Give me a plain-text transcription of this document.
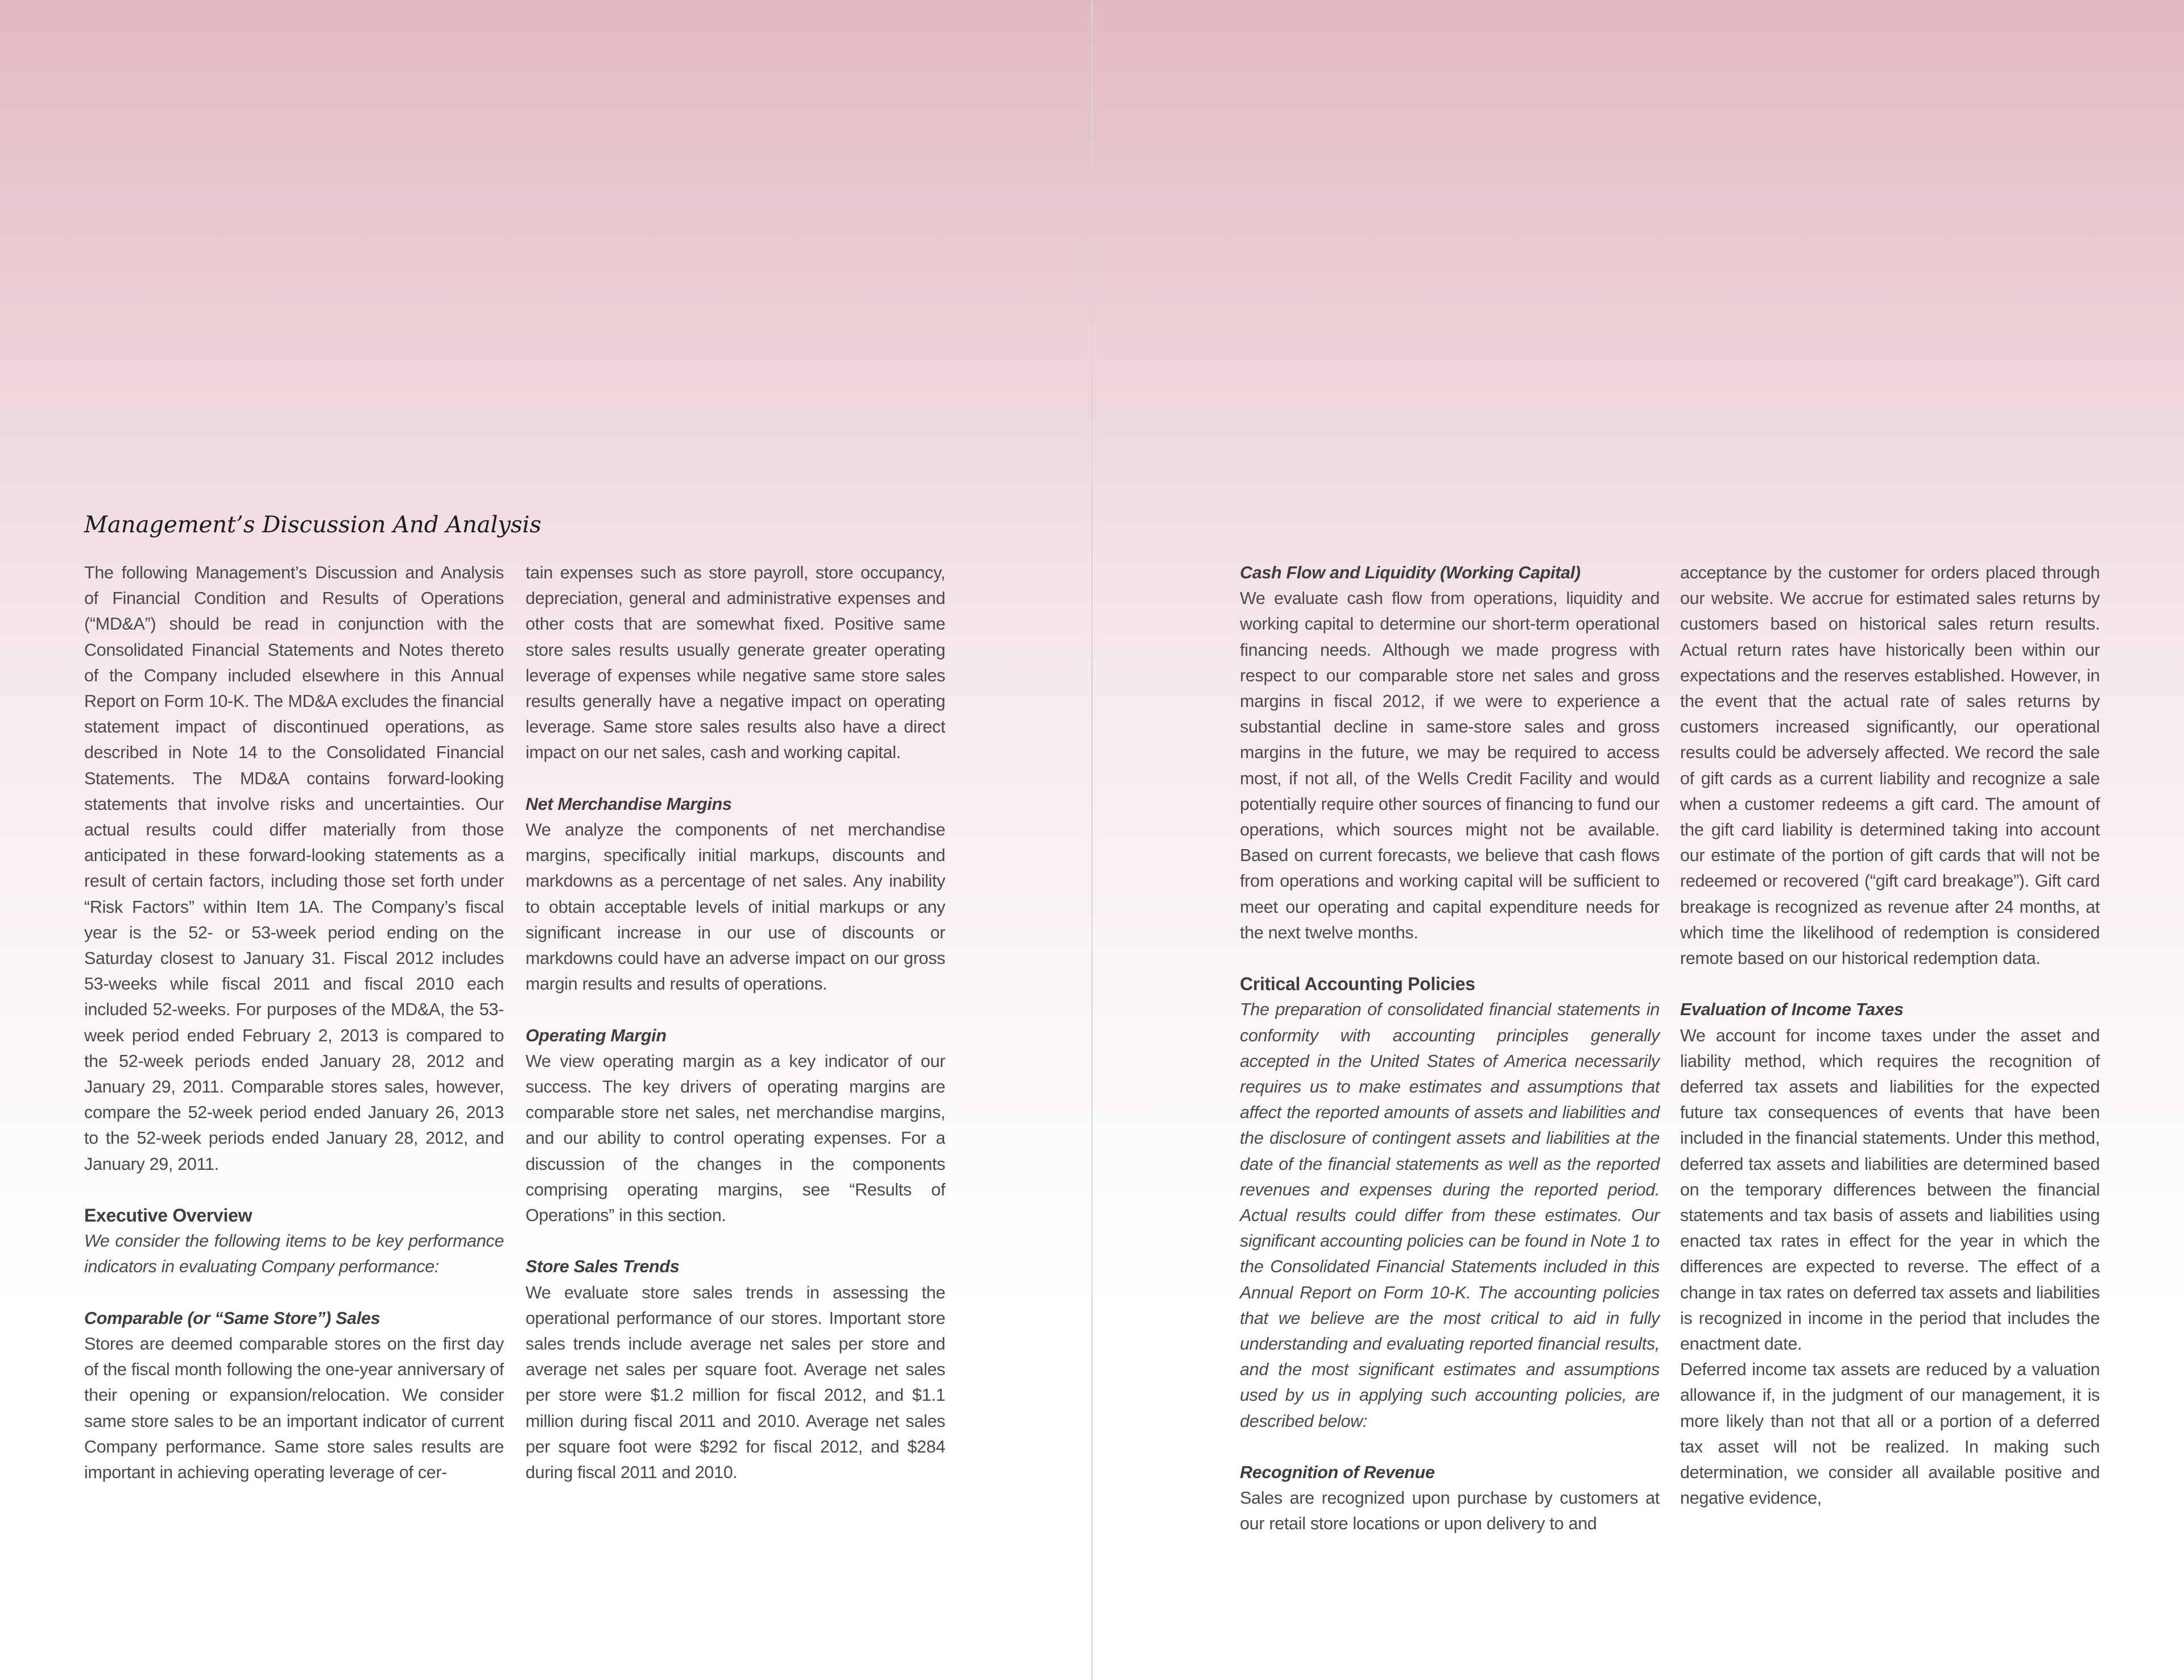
Management’s Discussion And Analysis

The following Management’s Discussion and Analysis of Financial Condition and Results of Operations (“MD&A”) should be read in conjunction with the Consolidated Financial Statements and Notes thereto of the Company included elsewhere in this Annual Report on Form 10-K. The MD&A excludes the financial statement impact of discontinued operations, as described in Note 14 to the Consolidated Financial Statements. The MD&A contains forward-looking statements that involve risks and uncertainties. Our actual results could differ materially from those anticipated in these forward-looking statements as a result of certain factors, including those set forth under “Risk Factors” within Item 1A. The Company’s fiscal year is the 52- or 53-week period ending on the Saturday closest to January 31. Fiscal 2012 includes 53-weeks while fiscal 2011 and fiscal 2010 each included 52-weeks. For purposes of the MD&A, the 53-week period ended February 2, 2013 is compared to the 52-week periods ended January 28, 2012 and January 29, 2011. Comparable stores sales, however, compare the 52-week period ended January 26, 2013 to the 52-week periods ended January 28, 2012, and January 29, 2011.

Executive Overview

We consider the following items to be key performance indicators in evaluating Company performance:

Comparable (or “Same Store”) Sales

Stores are deemed comparable stores on the first day of the fiscal month following the one-year anniversary of their opening or expansion/relocation. We consider same store sales to be an important indicator of current Company performance. Same store sales results are important in achieving operating leverage of cer-

tain expenses such as store payroll, store occupancy, depreciation, general and administrative expenses and other costs that are somewhat fixed. Positive same store sales results usually generate greater operating leverage of expenses while negative same store sales results generally have a negative impact on operating leverage. Same store sales results also have a direct impact on our net sales, cash and working capital.

Net Merchandise Margins

We analyze the components of net merchandise margins, specifically initial markups, discounts and markdowns as a percentage of net sales. Any inability to obtain acceptable levels of initial markups or any significant increase in our use of discounts or markdowns could have an adverse impact on our gross margin results and results of operations.

Operating Margin

We view operating margin as a key indicator of our success. The key drivers of operating margins are comparable store net sales, net merchandise margins, and our ability to control operating expenses. For a discussion of the changes in the components comprising operating margins, see “Results of Operations” in this section.

Store Sales Trends

We evaluate store sales trends in assessing the operational performance of our stores. Important store sales trends include average net sales per store and average net sales per square foot. Average net sales per store were $1.2 million for fiscal 2012, and $1.1 million during fiscal 2011 and 2010. Average net sales per square foot were $292 for fiscal 2012, and $284 during fiscal 2011 and 2010.

Cash Flow and Liquidity (Working Capital)

We evaluate cash flow from operations, liquidity and working capital to determine our short-term operational financing needs. Although we made progress with respect to our comparable store net sales and gross margins in fiscal 2012, if we were to experience a substantial decline in same-store sales and gross margins in the future, we may be required to access most, if not all, of the Wells Credit Facility and would potentially require other sources of financing to fund our operations, which sources might not be available. Based on current forecasts, we believe that cash flows from operations and working capital will be sufficient to meet our operating and capital expenditure needs for the next twelve months.

Critical Accounting Policies

The preparation of consolidated financial statements in conformity with accounting principles generally accepted in the United States of America necessarily requires us to make estimates and assumptions that affect the reported amounts of assets and liabilities and the disclosure of contingent assets and liabilities at the date of the financial statements as well as the reported revenues and expenses during the reported period. Actual results could differ from these estimates. Our significant accounting policies can be found in Note 1 to the Consolidated Financial Statements included in this Annual Report on Form 10-K. The accounting policies that we believe are the most critical to aid in fully understanding and evaluating reported financial results, and the most significant estimates and assumptions used by us in applying such accounting policies, are described below:

Recognition of Revenue

Sales are recognized upon purchase by customers at our retail store locations or upon delivery to and

acceptance by the customer for orders placed through our website. We accrue for estimated sales returns by customers based on historical sales return results. Actual return rates have historically been within our expectations and the reserves established. However, in the event that the actual rate of sales returns by customers increased significantly, our operational results could be adversely affected. We record the sale of gift cards as a current liability and recognize a sale when a customer redeems a gift card. The amount of the gift card liability is determined taking into account our estimate of the portion of gift cards that will not be redeemed or recovered (“gift card breakage”). Gift card breakage is recognized as revenue after 24 months, at which time the likelihood of redemption is considered remote based on our historical redemption data.

Evaluation of Income Taxes

We account for income taxes under the asset and liability method, which requires the recognition of deferred tax assets and liabilities for the expected future tax consequences of events that have been included in the financial statements. Under this method, deferred tax assets and liabilities are determined based on the temporary differences between the financial statements and tax basis of assets and liabilities using enacted tax rates in effect for the year in which the differences are expected to reverse. The effect of a change in tax rates on deferred tax assets and liabilities is recognized in income in the period that includes the enactment date.

Deferred income tax assets are reduced by a valuation allowance if, in the judgment of our management, it is more likely than not that all or a portion of a deferred tax asset will not be realized. In making such determination, we consider all available positive and negative evidence,
